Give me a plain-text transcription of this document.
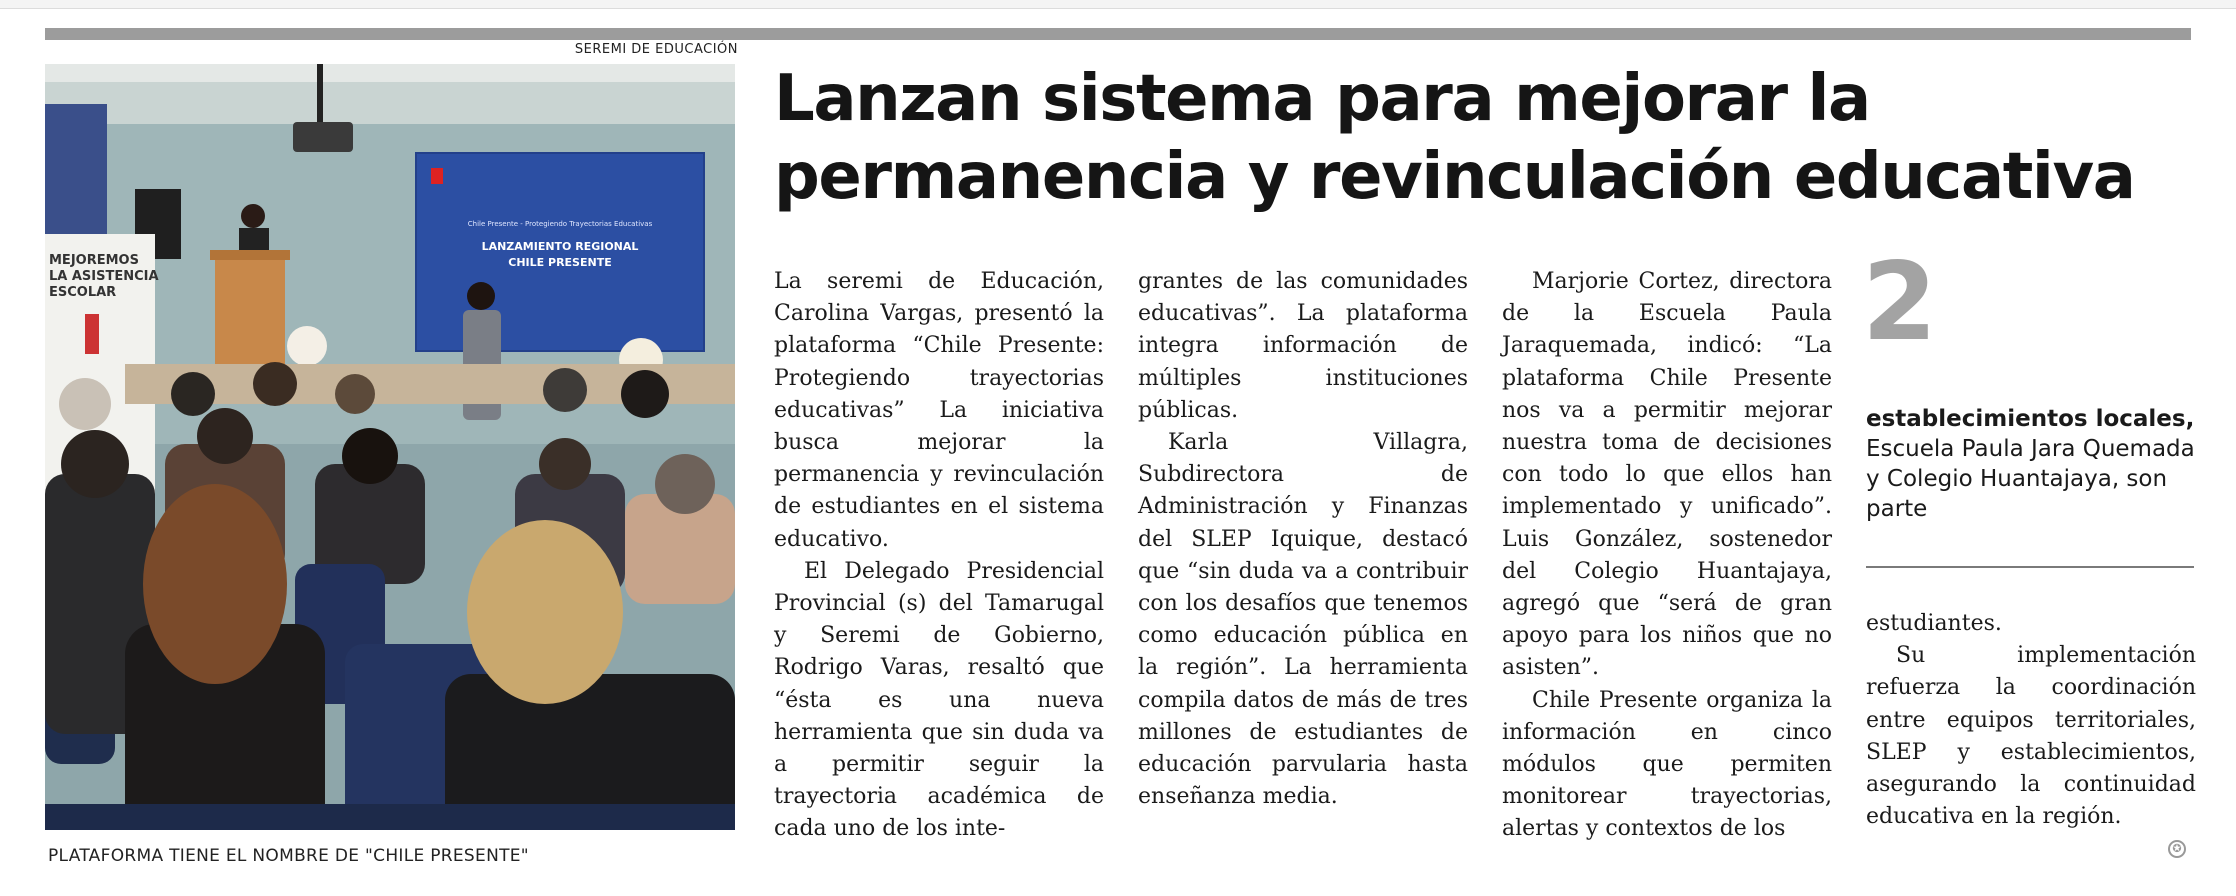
SEREMI DE EDUCACIÓN
Chile Presente - Protegiendo Trayectorias Educativas
LANZAMIENTO REGIONAL
CHILE PRESENTE
MEJOREMOS
LA ASISTENCIA
ESCOLAR
PLATAFORMA TIENE EL NOMBRE DE "CHILE PRESENTE"
Lanzan sistema para mejorar la permanencia y revinculación educativa

La seremi de Educación, Carolina Vargas, presentó la plataforma “Chile Presente: Protegiendo trayectorias educativas” La iniciativa busca mejorar la permanencia y revinculación de estudiantes en el sistema educativo.

El Delegado Presidencial Provincial (s) del Tamarugal y Seremi de Gobierno, Rodrigo Varas, resaltó que “ésta es una nueva herramienta que sin duda va a permitir seguir la trayectoria académica de cada uno de los inte-

grantes de las comunidades educativas”. La plataforma integra información de múltiples instituciones públicas.

Karla Villagra, Subdirectora de Administración y Finanzas del SLEP Iquique, destacó que “sin duda va a contribuir con los desafíos que tenemos como educación pública en la región”. La herramienta compila datos de más de tres millones de estudiantes de educación parvularia hasta enseñanza media.

Marjorie Cortez, directora de la Escuela Paula Jaraquemada, indicó: “La plataforma Chile Presente nos va a permitir mejorar nuestra toma de decisiones con todo lo que ellos han implementado y unificado”. Luis González, sostenedor del Colegio Huantajaya, agregó que “será de gran apoyo para los niños que no asisten”.

Chile Presente organiza la información en cinco módulos que permiten monitorear trayectorias, alertas y contextos de los

2
establecimientos locales, Escuela Paula Jara Quemada y Colegio Huantajaya, son parte

estudiantes.

Su implementación refuerza la coordinación entre equipos territoriales, SLEP y establecimientos, asegurando la continuidad educativa en la región.

✪
